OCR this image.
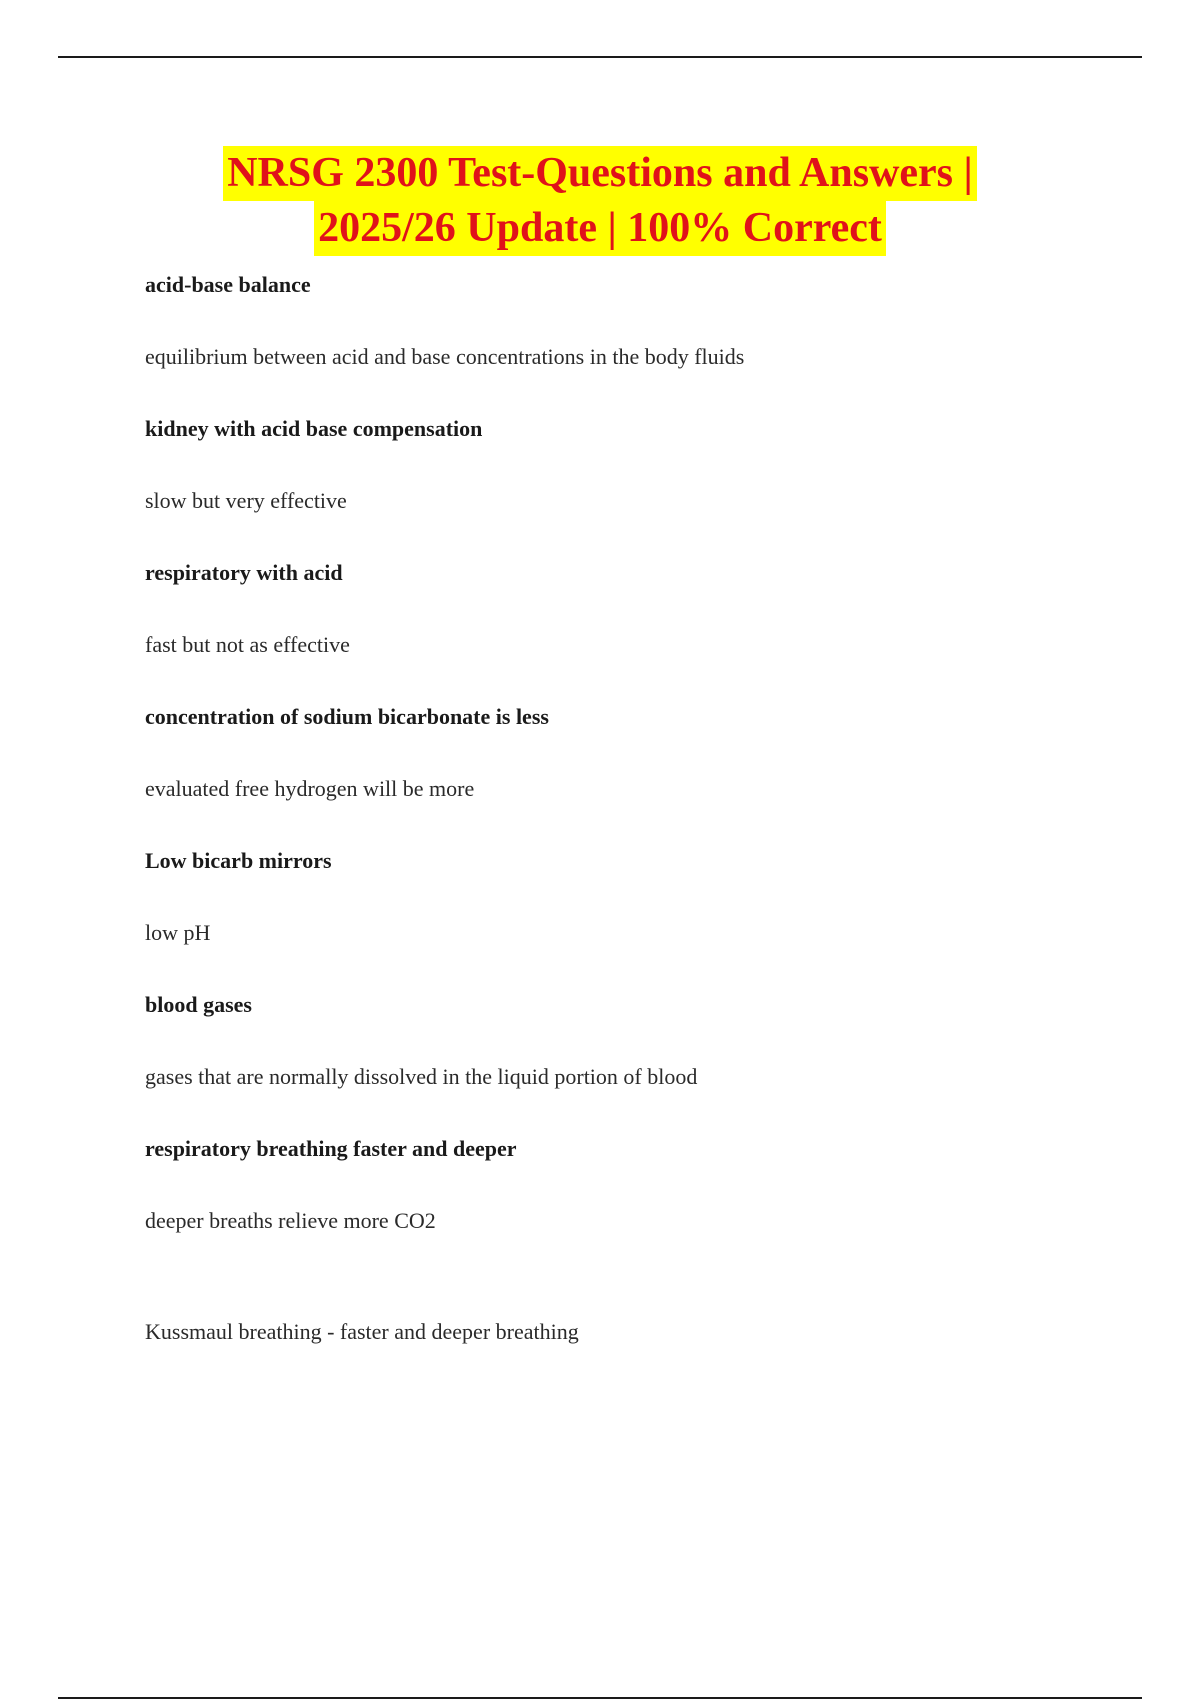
NRSG 2300 Test-Questions and Answers |
2025/26 Update | 100% Correct
acid-base balance
equilibrium between acid and base concentrations in the body fluids
kidney with acid base compensation
slow but very effective
respiratory with acid
fast but not as effective
concentration of sodium bicarbonate is less
evaluated free hydrogen will be more
Low bicarb mirrors
low pH
blood gases
gases that are normally dissolved in the liquid portion of blood
respiratory breathing faster and deeper
deeper breaths relieve more CO2
Kussmaul breathing - faster and deeper breathing
